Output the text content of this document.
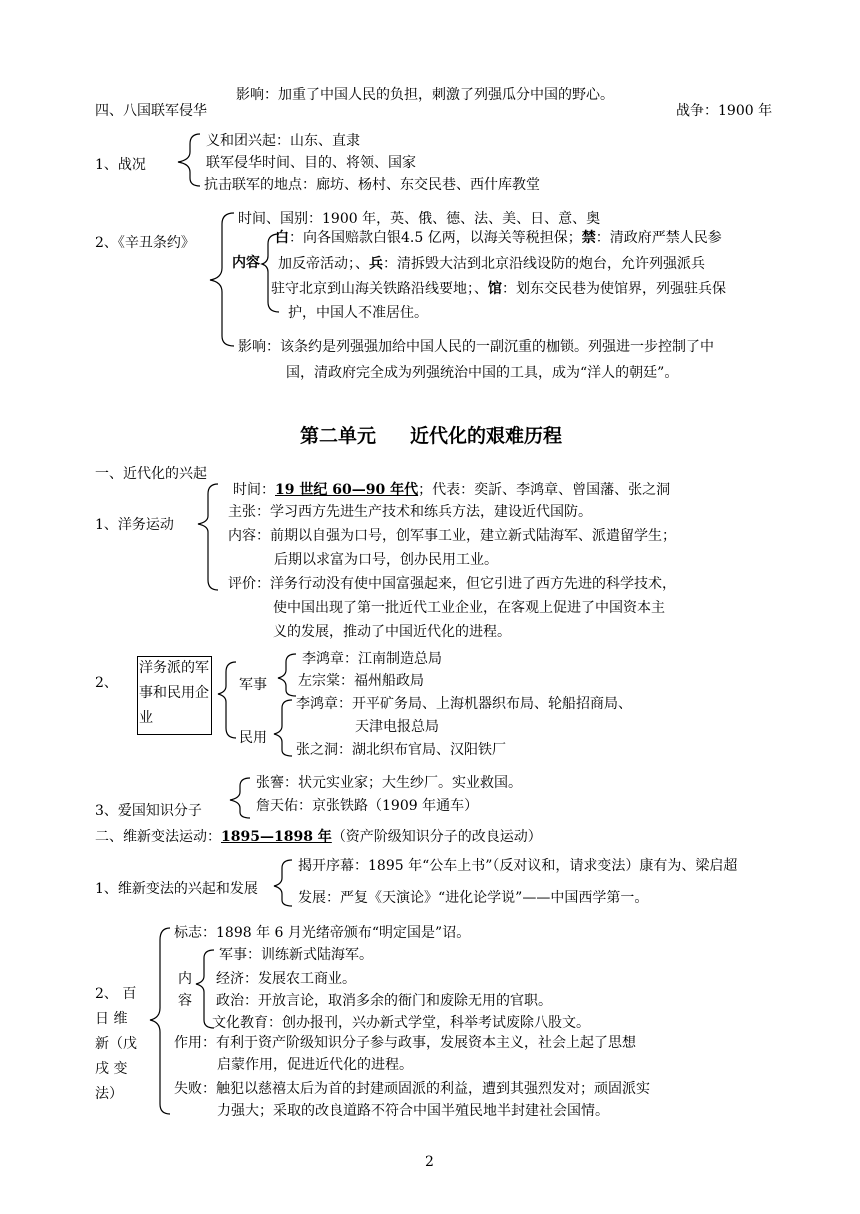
影响：加重了中国人民的负担，刺激了列强瓜分中国的野心。
四、八国联军侵华	战争：1900 年
1、战况
义和团兴起：山东、直隶
联军侵华时间、目的、将领、国家
抗击联军的地点：廊坊、杨村、东交民巷、西什库教堂
2、《辛丑条约》
时间、国别：1900 年，英、俄、德、法、美、日、意、奥
内容
白：向各国赔款白银4.5 亿两，以海关等税担保；禁：清政府严禁人民参
加反帝活动；、兵：清拆毁大沽到北京沿线设防的炮台，允许列强派兵
驻守北京到山海关铁路沿线要地；、馆：划东交民巷为使馆界，列强驻兵保
护，中国人不准居住。
影响：该条约是列强强加给中国人民的一副沉重的枷锁。列强进一步控制了中
国，清政府完全成为列强统治中国的工具，成为“洋人的朝廷”。
第二单元 近代化的艰难历程
一、近代化的兴起
1、洋务运动
时间：19 世纪 60—90 年代；代表：奕訢、李鸿章、曾国藩、张之洞
主张：学习西方先进生产技术和练兵方法，建设近代国防。
内容：前期以自强为口号，创军事工业，建立新式陆海军、派遣留学生；
后期以求富为口号，创办民用工业。
评价：洋务行动没有使中国富强起来，但它引进了西方先进的科学技术，
使中国出现了第一批近代工业企业，在客观上促进了中国资本主
义的发展，推动了中国近代化的进程。
2、
洋务派的军
事和民用企
业
军事
李鸿章：江南制造总局
左宗棠：福州船政局
民用
李鸿章：开平矿务局、上海机器织布局、轮船招商局、
天津电报总局
张之洞：湖北织布官局、汉阳铁厂
3、爱国知识分子
张謇：状元实业家；大生纱厂。实业救国。
詹天佑：京张铁路（1909 年通车）
二、维新变法运动：1895—1898 年（资产阶级知识分子的改良运动）
1、维新变法的兴起和发展
揭开序幕：1895 年“公车上书”（反对议和，请求变法）康有为、梁启超
发展：严复《天演论》“进化论学说”——中国西学第一。
2、 百
日 维
新（戊
戌 变
法）
标志：1898 年 6 月光绪帝颁布“明定国是”诏。
内
容
军事：训练新式陆海军。
经济：发展农工商业。
政治：开放言论，取消多余的衙门和废除无用的官职。
文化教育：创办报刊，兴办新式学堂，科举考试废除八股文。
作用：有利于资产阶级知识分子参与政事，发展资本主义，社会上起了思想
启蒙作用，促进近代化的进程。
失败：触犯以慈禧太后为首的封建顽固派的利益，遭到其强烈发对；顽固派实
力强大；采取的改良道路不符合中国半殖民地半封建社会国情。
2
